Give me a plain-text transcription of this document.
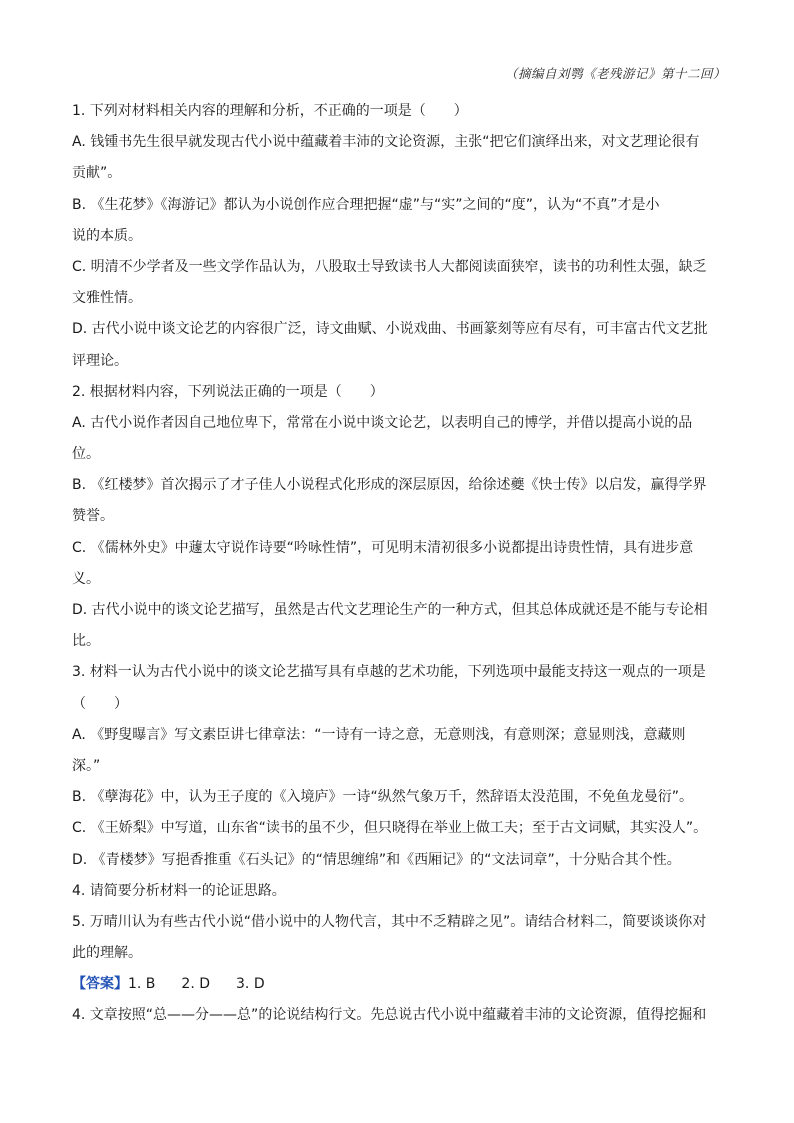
（摘编自刘鹗《老残游记》第十二回）
1. 下列对材料相关内容的理解和分析，不正确的一项是（　　）
A. 钱锺书先生很早就发现古代小说中蕴藏着丰沛的文论资源，主张“把它们演绎出来，对文艺理论很有
贡献”。
B. 《生花梦》《海游记》都认为小说创作应合理把握“虚”与“实”之间的“度”，认为“不真”才是小
说的本质。
C. 明清不少学者及一些文学作品认为，八股取士导致读书人大都阅读面狭窄，读书的功利性太强，缺乏
文雅性情。
D. 古代小说中谈文论艺的内容很广泛，诗文曲赋、小说戏曲、书画篆刻等应有尽有，可丰富古代文艺批
评理论。
2. 根据材料内容，下列说法正确的一项是（　　）
A. 古代小说作者因自己地位卑下，常常在小说中谈文论艺，以表明自己的博学，并借以提高小说的品
位。
B. 《红楼梦》首次揭示了才子佳人小说程式化形成的深层原因，给徐述夔《快士传》以启发，赢得学界
赞誉。
C. 《儒林外史》中蘧太守说作诗要“吟咏性情”，可见明末清初很多小说都提出诗贵性情，具有进步意
义。
D. 古代小说中的谈文论艺描写，虽然是古代文艺理论生产的一种方式，但其总体成就还是不能与专论相
比。
3. 材料一认为古代小说中的谈文论艺描写具有卓越的艺术功能，下列选项中最能支持这一观点的一项是
（　　）
A. 《野叟曝言》写文素臣讲七律章法：“一诗有一诗之意，无意则浅，有意则深；意显则浅，意藏则
深。”
B. 《孽海花》中，认为王子度的《入境庐》一诗“纵然气象万千，然辞语太没范围，不免鱼龙曼衍”。
C. 《王娇梨》中写道，山东省“读书的虽不少，但只晓得在举业上做工夫；至于古文词赋，其实没人”。
D. 《青楼梦》写挹香推重《石头记》的“情思缠绵”和《西厢记》的“文法词章”，十分贴合其个性。
4. 请简要分析材料一的论证思路。
5. 万晴川认为有些古代小说“借小说中的人物代言，其中不乏精辟之见”。请结合材料二，简要谈谈你对
此的理解。
【答案】1. B 2. D 3. D
4. 文章按照“总——分——总”的论说结构行文。先总说古代小说中蕴藏着丰沛的文论资源，值得挖掘和
